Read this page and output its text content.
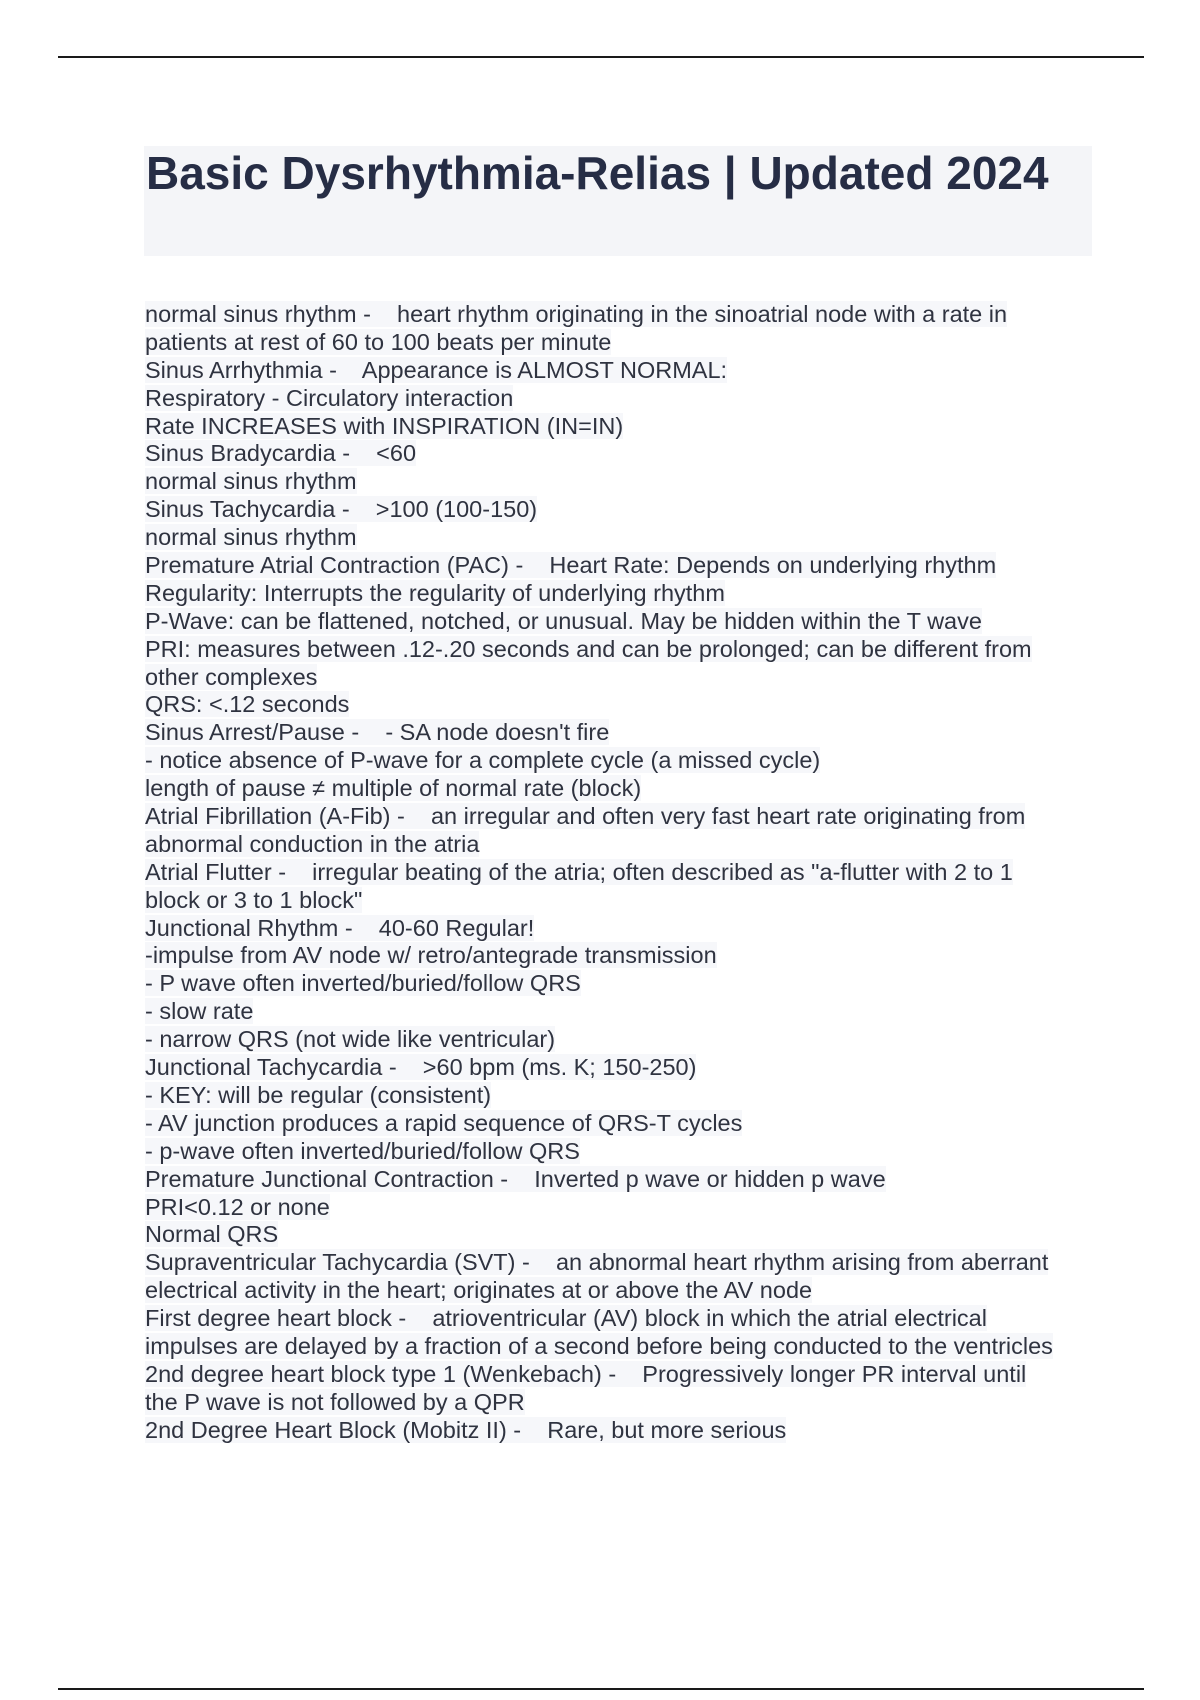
Basic Dysrhythmia-Relias | Updated 2024
normal sinus rhythm -    heart rhythm originating in the sinoatrial node with a rate in
patients at rest of 60 to 100 beats per minute
Sinus Arrhythmia -    Appearance is ALMOST NORMAL:
Respiratory - Circulatory interaction
Rate INCREASES with INSPIRATION (IN=IN)
Sinus Bradycardia -    <60
normal sinus rhythm
Sinus Tachycardia -    >100 (100-150)
normal sinus rhythm
Premature Atrial Contraction (PAC) -    Heart Rate: Depends on underlying rhythm
Regularity: Interrupts the regularity of underlying rhythm
P-Wave: can be flattened, notched, or unusual. May be hidden within the T wave
PRI: measures between .12-.20 seconds and can be prolonged; can be different from
other complexes
QRS: <.12 seconds
Sinus Arrest/Pause -    - SA node doesn't fire
- notice absence of P-wave for a complete cycle (a missed cycle)
length of pause ≠ multiple of normal rate (block)
Atrial Fibrillation (A-Fib) -    an irregular and often very fast heart rate originating from
abnormal conduction in the atria
Atrial Flutter -    irregular beating of the atria; often described as "a-flutter with 2 to 1
block or 3 to 1 block"
Junctional Rhythm -    40-60 Regular!
-impulse from AV node w/ retro/antegrade transmission
- P wave often inverted/buried/follow QRS
- slow rate
- narrow QRS (not wide like ventricular)
Junctional Tachycardia -    >60 bpm (ms. K; 150-250)
- KEY: will be regular (consistent)
- AV junction produces a rapid sequence of QRS-T cycles
- p-wave often inverted/buried/follow QRS
Premature Junctional Contraction -    Inverted p wave or hidden p wave
PRI<0.12 or none
Normal QRS
Supraventricular Tachycardia (SVT) -    an abnormal heart rhythm arising from aberrant
electrical activity in the heart; originates at or above the AV node
First degree heart block -    atrioventricular (AV) block in which the atrial electrical
impulses are delayed by a fraction of a second before being conducted to the ventricles
2nd degree heart block type 1 (Wenkebach) -    Progressively longer PR interval until
the P wave is not followed by a QPR
2nd Degree Heart Block (Mobitz II) -    Rare, but more serious
